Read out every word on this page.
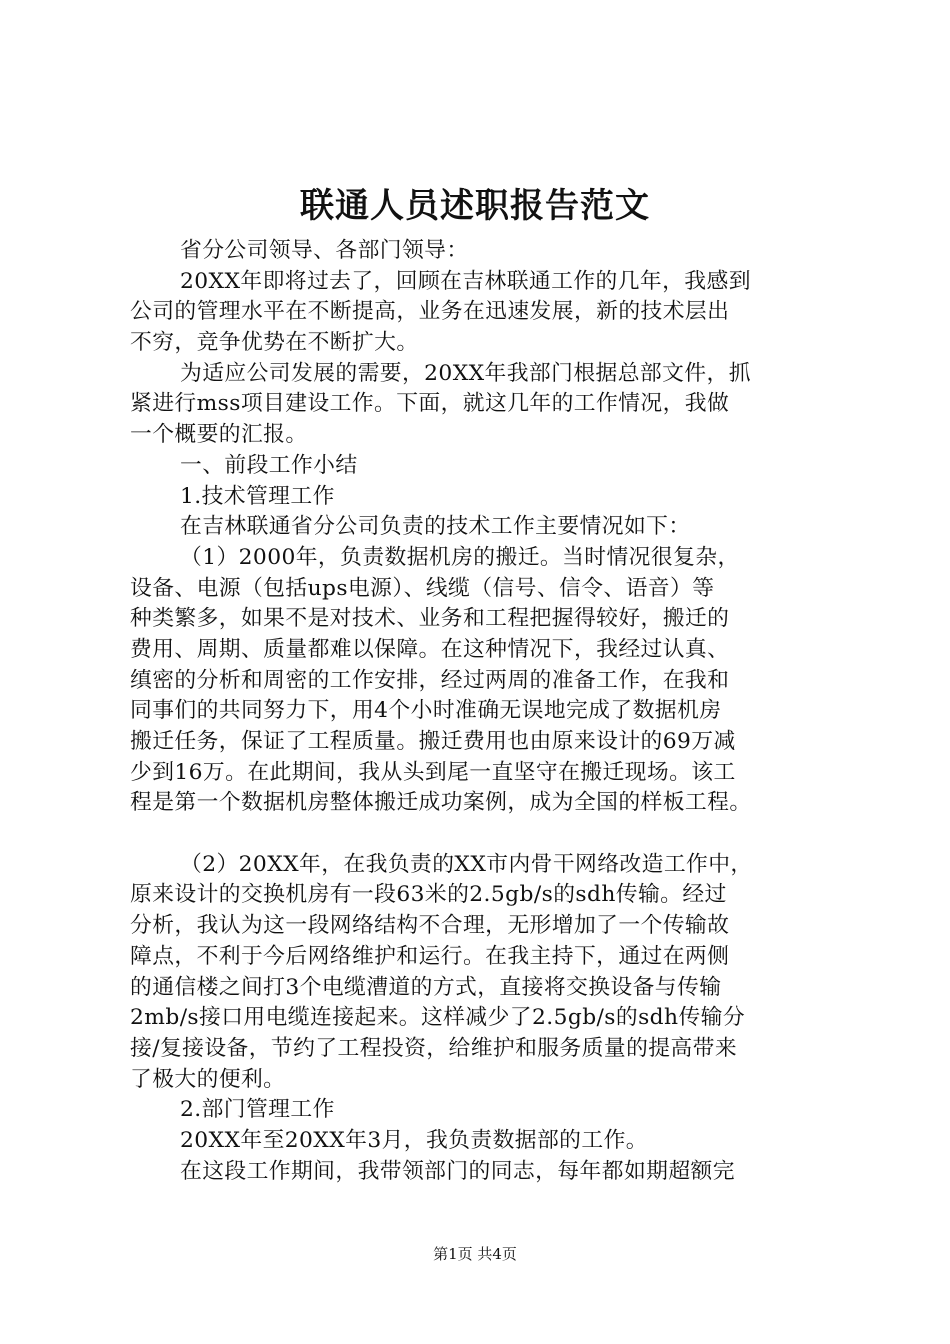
联通人员述职报告范文
省分公司领导、各部门领导：
20XX年即将过去了，回顾在吉林联通工作的几年，我感到
公司的管理水平在不断提高，业务在迅速发展，新的技术层出
不穷，竞争优势在不断扩大。
为适应公司发展的需要，20XX年我部门根据总部文件，抓
紧进行mss项目建设工作。下面，就这几年的工作情况，我做
一个概要的汇报。
一、前段工作小结
1.技术管理工作
在吉林联通省分公司负责的技术工作主要情况如下：
（1）2000年，负责数据机房的搬迁。当时情况很复杂，
设备、电源（包括ups电源）、线缆（信号、信令、语音）等
种类繁多，如果不是对技术、业务和工程把握得较好，搬迁的
费用、周期、质量都难以保障。在这种情况下，我经过认真、
缜密的分析和周密的工作安排，经过两周的准备工作，在我和
同事们的共同努力下，用4个小时准确无误地完成了数据机房
搬迁任务，保证了工程质量。搬迁费用也由原来设计的69万减
少到16万。在此期间，我从头到尾一直坚守在搬迁现场。该工
程是第一个数据机房整体搬迁成功案例，成为全国的样板工程。
（2）20XX年，在我负责的XX市内骨干网络改造工作中，
原来设计的交换机房有一段63米的2.5gb/s的sdh传输。经过
分析，我认为这一段网络结构不合理，无形增加了一个传输故
障点，不利于今后网络维护和运行。在我主持下，通过在两侧
的通信楼之间打3个电缆漕道的方式，直接将交换设备与传输
2mb/s接口用电缆连接起来。这样减少了2.5gb/s的sdh传输分
接/复接设备，节约了工程投资，给维护和服务质量的提高带来
了极大的便利。
2.部门管理工作
20XX年至20XX年3月，我负责数据部的工作。
在这段工作期间，我带领部门的同志，每年都如期超额完
第1页 共4页
